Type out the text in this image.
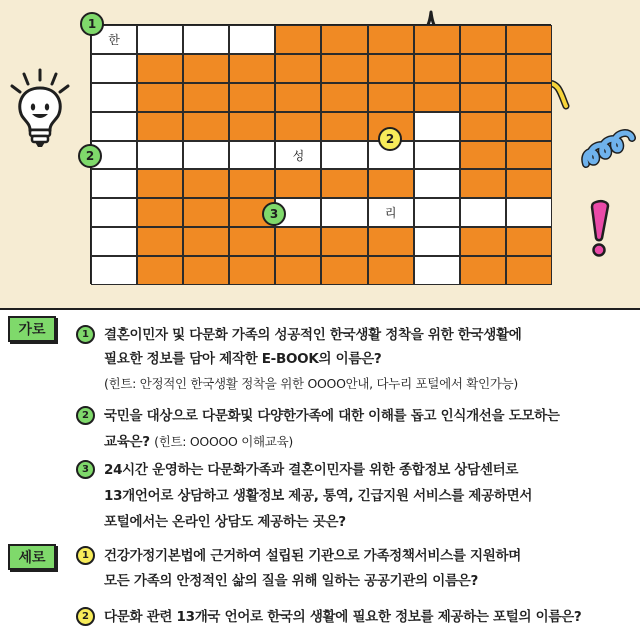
한
성
리
1
2
2
3
가로	1	결혼이민자 및 다문화 가족의 성공적인 한국생활 정착을 위한 한국생활에
필요한 정보를 담아 제작한 E-BOOK의 이름은?
(힌트: 안정적인 한국생활 정착을 위한 OOOO안내, 다누리 포털에서 확인가능)
2	국민을 대상으로 다문화및 다양한가족에 대한 이해를 돕고 인식개선을 도모하는
교육은? (힌트: OOOOO 이해교육)
3	24시간 운영하는 다문화가족과 결혼이민자를 위한 종합정보 상담센터로
13개언어로 상담하고 생활정보 제공, 통역, 긴급지원 서비스를 제공하면서
포털에서는 온라인 상담도 제공하는 곳은?
세로	1	건강가정기본법에 근거하여 설립된 기관으로 가족정책서비스를 지원하며
모든 가족의 안정적인 삶의 질을 위해 일하는 공공기관의 이름은?
2	다문화 관련 13개국 언어로 한국의 생활에 필요한 정보를 제공하는 포털의 이름은?
